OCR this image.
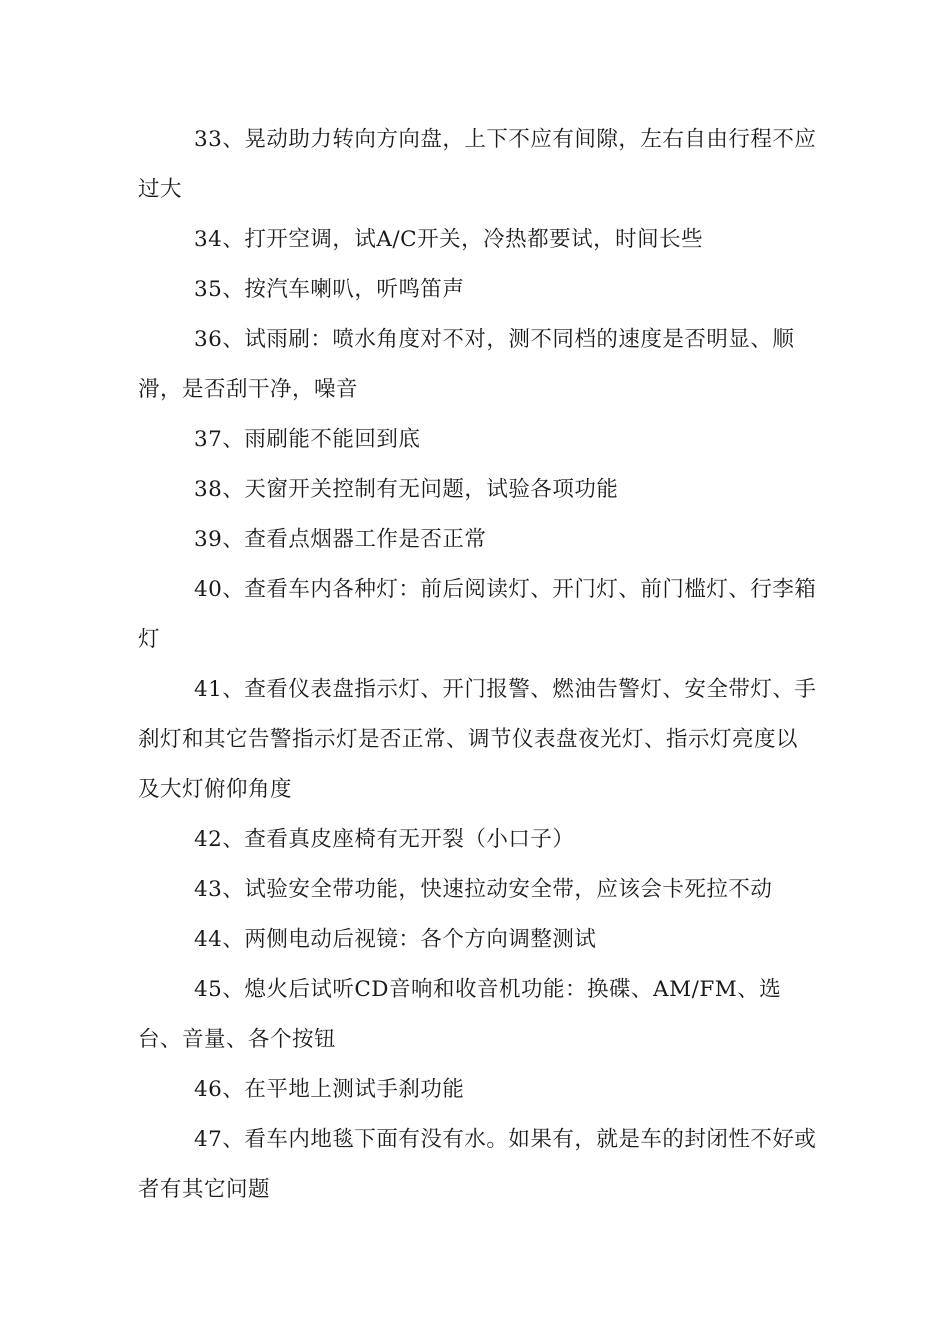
33、晃动助力转向方向盘，上下不应有间隙，左右自由行程不应过大

34、打开空调，试A/C开关，冷热都要试，时间长些

35、按汽车喇叭，听鸣笛声

36、试雨刷：喷水角度对不对，测不同档的速度是否明显、顺滑，是否刮干净，噪音

37、雨刷能不能回到底

38、天窗开关控制有无问题，试验各项功能

39、查看点烟器工作是否正常

40、查看车内各种灯：前后阅读灯、开门灯、前门槛灯、行李箱灯

41、查看仪表盘指示灯、开门报警、燃油告警灯、安全带灯、手刹灯和其它告警指示灯是否正常、调节仪表盘夜光灯、指示灯亮度以及大灯俯仰角度

42、查看真皮座椅有无开裂（小口子）

43、试验安全带功能，快速拉动安全带，应该会卡死拉不动

44、两侧电动后视镜：各个方向调整测试

45、熄火后试听CD音响和收音机功能：换碟、AM/FM、选台、音量、各个按钮

46、在平地上测试手刹功能

47、看车内地毯下面有没有水。如果有，就是车的封闭性不好或者有其它问题
